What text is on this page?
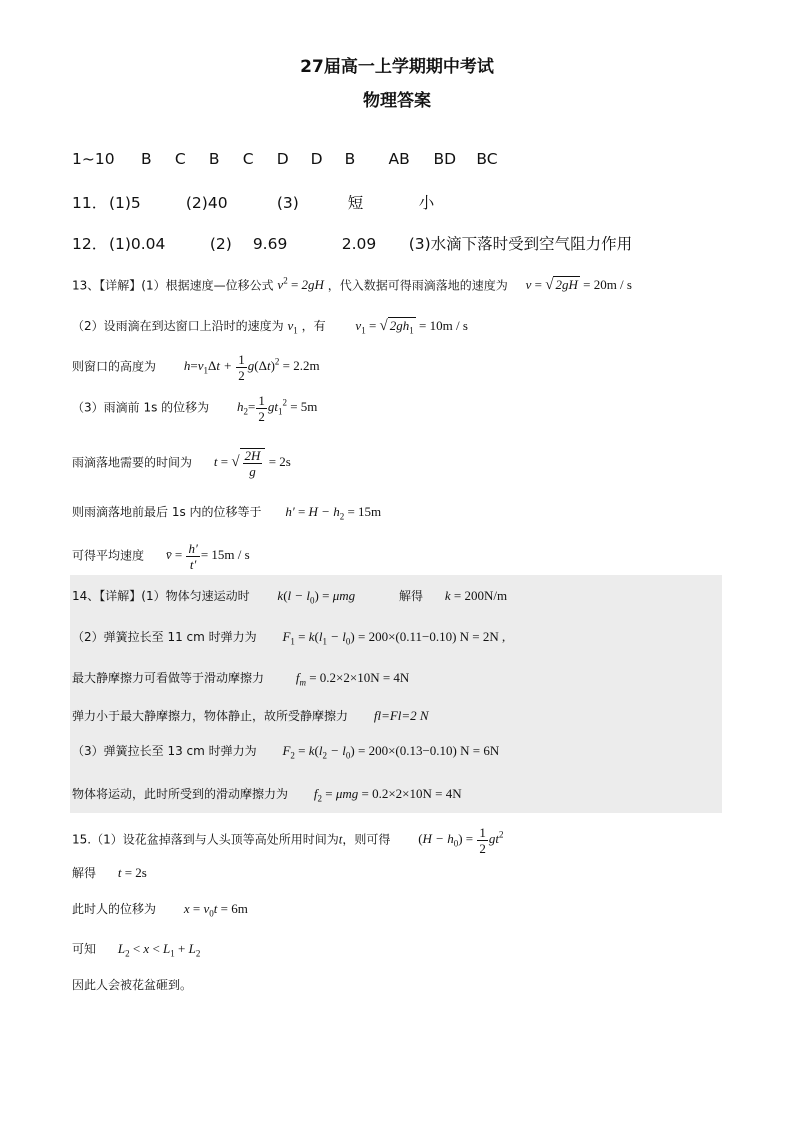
27届高一上学期期中考试
物理答案
1~10 B C B C D D B AB BD BC
11． (1)5	(2)40	(3)	短	小
12． (1)0.04	(2) 9.69	2.09 (3)水滴下落时受到空气阻力作用
13、【详解】(1）根据速度—位移公式 $v^2 = 2gH$ ，代入数据可得雨滴落地的速度为 v = √ 2gH = 20m / s
（2）设雨滴在到达窗口上沿时的速度为 $v_1$ ，有 $v_1$ = √ $2gh_1 = 10m / s$
则窗口的高度为 $h=v_1\Delta t + \frac{1}{2} g(\Delta t)^2 = 2.2m$
（3）雨滴前 1s 的位移为 $h_2= \frac{1}{2} gt_1^2 = 5m$
雨滴落地需要的时间为 t = √ $\frac{2H}{g} = 2s$
则雨滴落地前最后 1s 内的位移等于 $h' = H - h_2 = 15m$
可得平均速度 v̄ = $\frac{h'}{t'} = 15m / s$
14、【详解】(1）物体匀速运动时 $k(l - l_0) = \mu mg$	解得 k = 200N/m
（2）弹簧拉长至 11 cm 时弹力为 $F_1 = k(l_1 - l_0) = 200\times(0.11-0.10) N = 2N$ ,
最大静摩擦力可看做等于滑动摩擦力 $f_m = 0.2\times 2\times 10N = 4N$
弹力小于最大静摩擦力，物体静止，故所受静摩擦力 fl=Fl=2 N
（3）弹簧拉长至 13 cm 时弹力为 $F_2 = k(l_2 - l_0) = 200\times(0.13-0.10) N = 6N$
物体将运动，此时所受到的滑动摩擦力为 $f_2 = \mu mg = 0.2\times 2\times 10N = 4N$
15.（1）设花盆掉落到与人头顶等高处所用时间为t，则可得 $(H - h_0) = \frac{1}{2} gt^2$
解得 t = 2s
此时人的位移为 $x = v_0t = 6m$
可知 $L_2 < x < L_1 + L_2$
因此人会被花盆砸到。
